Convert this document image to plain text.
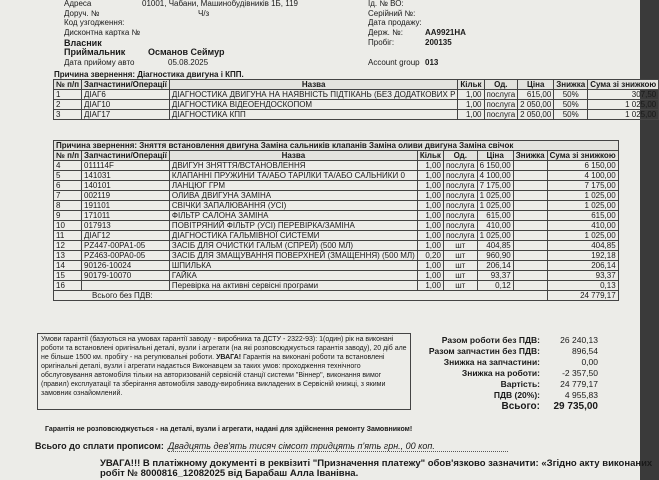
Адреса	01001, Чабани, Машинобудівників 1Б, 119
Доруч. №	Ч/з
Код узгодження:
Дисконтна картка №
Власник
Приймальник	Османов Сеймур
Дата прийому авто	05.08.2025
Ід. № ВО:
Серійний №:
Дата продажу:
Держ. №:	АА9921НА
Пробіг:	200135
Account group 013
Причина звернення: Діагностика двигуна і КПП.
№ п/п	Запчастини/Операції	Назва	Кільк	Од.	Ціна	Знижка	Сума зі знижкою
1	ДІАГ6	ДІАГНОСТИКА ДВИГУНА НА НАЯВНІСТЬ ПІДТІКАНЬ (БЕЗ ДОДАТКОВИХ Р	1,00	послуга	615,00	50%	307,50
2	ДІАГ10	ДІАГНОСТИКА ВІДЕОЕНДОСКОПОМ	1,00	послуга	2 050,00	50%	1 025,00
3	ДІАГ17	ДІАГНОСТИКА КПП	1,00	послуга	2 050,00	50%	1 025,00
Причина звернення: Зняття встановлення двигуна Заміна сальників клапанів Заміна оливи двигуна Заміна свічок							
№ п/п	Запчастини/Операції	Назва	Кільк	Од.	Ціна	Знижка	Сума зі знижкою
4	011114F	ДВИГУН ЗНЯТТЯ/ВСТАНОВЛЕННЯ	1,00	послуга	6 150,00		6 150,00
5	141031	КЛАПАННІ ПРУЖИНИ ТА/АБО ТАРІЛКИ ТА/АБО САЛЬНИКИ 0	1,00	послуга	4 100,00		4 100,00
6	140101	ЛАНЦЮГ ГРМ	1,00	послуга	7 175,00		7 175,00
7	002119	ОЛИВА ДВИГУНА ЗАМІНА	1,00	послуга	1 025,00		1 025,00
8	191101	СВІЧКИ ЗАПАЛЮВАННЯ (УСІ)	1,00	послуга	1 025,00		1 025,00
9	171011	ФІЛЬТР САЛОНА ЗАМІНА	1,00	послуга	615,00		615,00
10	017913	ПОВІТРЯНИЙ ФІЛЬТР (УСІ) ПЕРЕВІРКА/ЗАМІНА	1,00	послуга	410,00		410,00
11	ДІАГ12	ДІАГНОСТИКА ГАЛЬМІВНОЇ СИСТЕМИ	1,00	послуга	1 025,00		1 025,00
12	PZ447-00PA1-05	ЗАСІБ ДЛЯ ОЧИСТКИ ГАЛЬМ (СПРЕЙ) (500 МЛ)	1,00	шт	404,85		404,85
13	PZ463-00PA0-05	ЗАСІБ ДЛЯ ЗМАЩУВАННЯ ПОВЕРХНЕЙ (ЗМАЩЕННЯ) (500 МЛ)	0,20	шт	960,90		192,18
14	90126-10024	ШПИЛЬКА	1,00	шт	206,14		206,14
15	90179-10070	ГАЙКА	1,00	шт	93,37		93,37
16		Перевірка на активні сервісні програми	1,00	шт	0,12		0,13
Всього без ПДВ:							24 779,17
Умови гарантії (базуються на умовах гарантії заводу - виробника та ДСТУ - 2322-93): 1(один) рік на виконані роботи та встановлені оригінальні деталі, вузли і агрегати (на які розповсюджується гарантія заводу), 20 діб але не більше 1500 км. пробігу - на регулювальні роботи. УВАГА! Гарантія на виконані роботи та встановлені оригінальні деталі, вузли і агрегати надається Виконавцем за таких умов: проходження технічного обслуговування автомобіля тільки на авторизованій сервісній станції системи "Віннер", виконання вимог (правил) експлуатації та зберігання автомобіля заводу-виробника викладених в Сервісній книжці, з якими замовник ознайомлений.
Разом роботи без ПДВ:	26 240,13
Разом запчастин без ПДВ:	896,54
Знижка на запчастини:	0,00
Знижка на роботи:	-2 357,50
Вартість:	24 779,17
ПДВ (20%):	4 955,83
Всього:	29 735,00
Гарантія не розповсюджується - на деталі, вузли і агрегати, надані для здійснення ремонту Замовником!
Всього до сплати прописом: Двадцять дев'ять тисяч сімсот тридцять п'ять грн., 00 коп.
УВАГА!!! В платіжному документі в реквізиті "Призначення платежу" обов'язково зазначити: «Згідно акту виконаних
робіт № 8000816_12082025 від Барабаш Алла Іванівна.
